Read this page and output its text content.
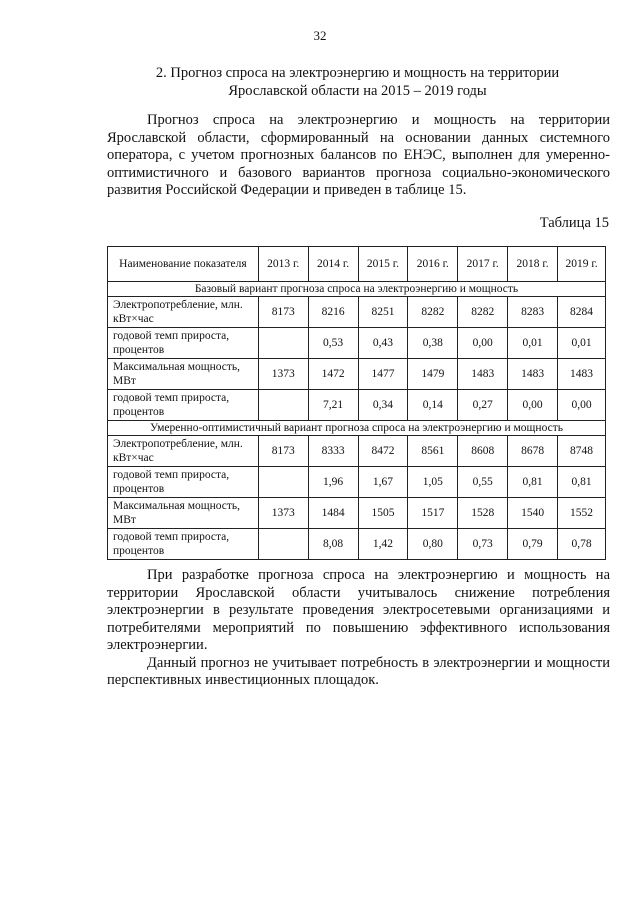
32
2. Прогноз спроса на электроэнергию и мощность на территории
Ярославской области на 2015 – 2019 годы

Прогноз спроса на электроэнергию и мощность на территории Ярославской области, сформированный на основании данных системного оператора, с учетом прогнозных балансов по ЕНЭС, выполнен для умеренно-оптимистичного и базового вариантов прогноза социально-экономического развития Российской Федерации и приведен в таблице 15.

Таблица 15
Наименование показателя	2013 г.	2014 г.	2015 г.	2016 г.	2017 г.	2018 г.	2019 г.
Базовый вариант прогноза спроса на электроэнергию и мощность							
Электропотребление, млн. кВт×час	8173	8216	8251	8282	8282	8283	8284
годовой темп прироста, процентов		0,53	0,43	0,38	0,00	0,01	0,01
Максимальная мощность, МВт	1373	1472	1477	1479	1483	1483	1483
годовой темп прироста, процентов		7,21	0,34	0,14	0,27	0,00	0,00
Умеренно-оптимистичный вариант прогноза спроса на электроэнергию и мощность							
Электропотребление, млн. кВт×час	8173	8333	8472	8561	8608	8678	8748
годовой темп прироста, процентов		1,96	1,67	1,05	0,55	0,81	0,81
Максимальная мощность, МВт	1373	1484	1505	1517	1528	1540	1552
годовой темп прироста, процентов		8,08	1,42	0,80	0,73	0,79	0,78

При разработке прогноза спроса на электроэнергию и мощность на территории Ярославской области учитывалось снижение потребления электроэнергии в результате проведения электросетевыми организациями и потребителями мероприятий по повышению эффективного использования электроэнергии.

Данный прогноз не учитывает потребность в электроэнергии и мощности перспективных инвестиционных площадок.
